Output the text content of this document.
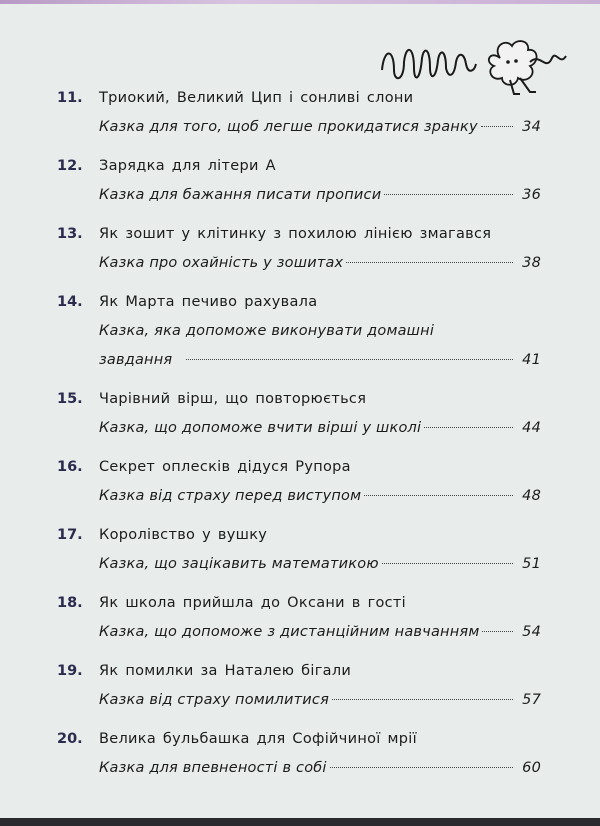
11.	Триокий, Великий Цип і сонливі слони
Казка для того, щоб легше прокидатися зранку	34
12.	Зарядка для літери А
Казка для бажання писати прописи	36
13.	Як зошит у клітинку з похилою лінією змагався
Казка про охайність у зошитах	38
14.	Як Марта печиво рахувала
Казка, яка допоможе виконувати домашні
завдання	41
15.	Чарівний вірш, що повторюється
Казка, що допоможе вчити вірші у школі	44
16.	Секрет оплесків дідуся Рупора
Казка від страху перед виступом	48
17.	Королівство у вушку
Казка, що зацікавить математикою	51
18.	Як школа прийшла до Оксани в гості
Казка, що допоможе з дистанційним навчанням	54
19.	Як помилки за Наталею бігали
Казка від страху помилитися	57
20.	Велика бульбашка для Софійчиної мрії
Казка для впевненості в собі	60
